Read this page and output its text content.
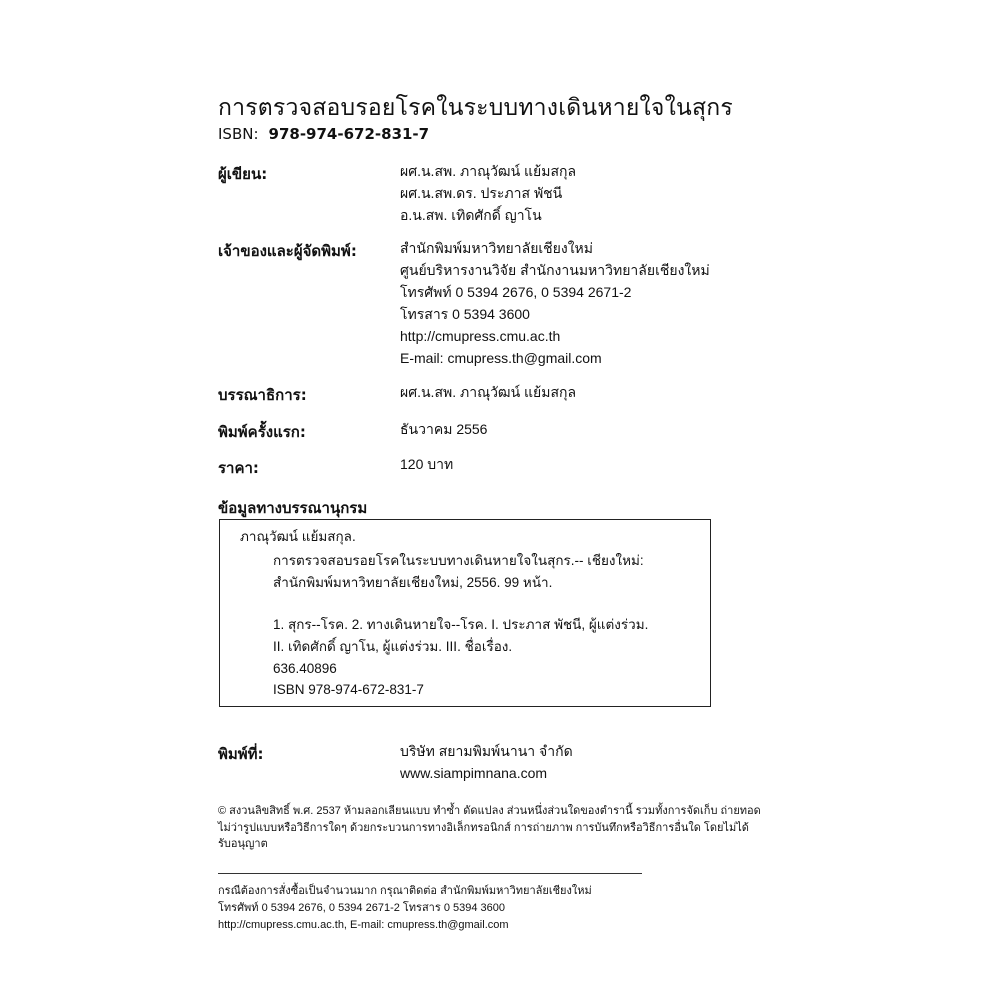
การตรวจสอบรอยโรคในระบบทางเดินหายใจในสุกร
ISBN: 978-974-672-831-7
ผู้เขียน:	ผศ.น.สพ. ภาณุวัฒน์ แย้มสกุล
ผศ.น.สพ.ดร. ประภาส พัชนี
อ.น.สพ. เทิดศักดิ์ ญาโน
เจ้าของและผู้จัดพิมพ์:	สำนักพิมพ์มหาวิทยาลัยเชียงใหม่
ศูนย์บริหารงานวิจัย สำนักงานมหาวิทยาลัยเชียงใหม่
โทรศัพท์ 0 5394 2676, 0 5394 2671-2
โทรสาร 0 5394 3600
http://cmupress.cmu.ac.th
E-mail: cmupress.th@gmail.com
บรรณาธิการ:	ผศ.น.สพ. ภาณุวัฒน์ แย้มสกุล
พิมพ์ครั้งแรก:	ธันวาคม 2556
ราคา:	120 บาท
ข้อมูลทางบรรณานุกรม
ภาณุวัฒน์ แย้มสกุล.
การตรวจสอบรอยโรคในระบบทางเดินหายใจในสุกร.-- เชียงใหม่:
สำนักพิมพ์มหาวิทยาลัยเชียงใหม่, 2556. 99 หน้า.
1. สุกร--โรค. 2. ทางเดินหายใจ--โรค. I. ประภาส พัชนี, ผู้แต่งร่วม.
II. เทิดศักดิ์ ญาโน, ผู้แต่งร่วม. III. ชื่อเรื่อง.
636.40896
ISBN 978-974-672-831-7
พิมพ์ที่:	บริษัท สยามพิมพ์นานา จำกัด
www.siampimnana.com
© สงวนลิขสิทธิ์ พ.ศ. 2537 ห้ามลอกเลียนแบบ ทำซ้ำ ดัดแปลง ส่วนหนึ่งส่วนใดของตำรานี้ รวมทั้งการจัดเก็บ ถ่ายทอด
ไม่ว่ารูปแบบหรือวิธีการใดๆ ด้วยกระบวนการทางอิเล็กทรอนิกส์ การถ่ายภาพ การบันทึกหรือวิธีการอื่นใด โดยไม่ได้
รับอนุญาต
กรณีต้องการสั่งซื้อเป็นจำนวนมาก กรุณาติดต่อ สำนักพิมพ์มหาวิทยาลัยเชียงใหม่
โทรศัพท์ 0 5394 2676, 0 5394 2671-2 โทรสาร 0 5394 3600
http://cmupress.cmu.ac.th, E-mail: cmupress.th@gmail.com
